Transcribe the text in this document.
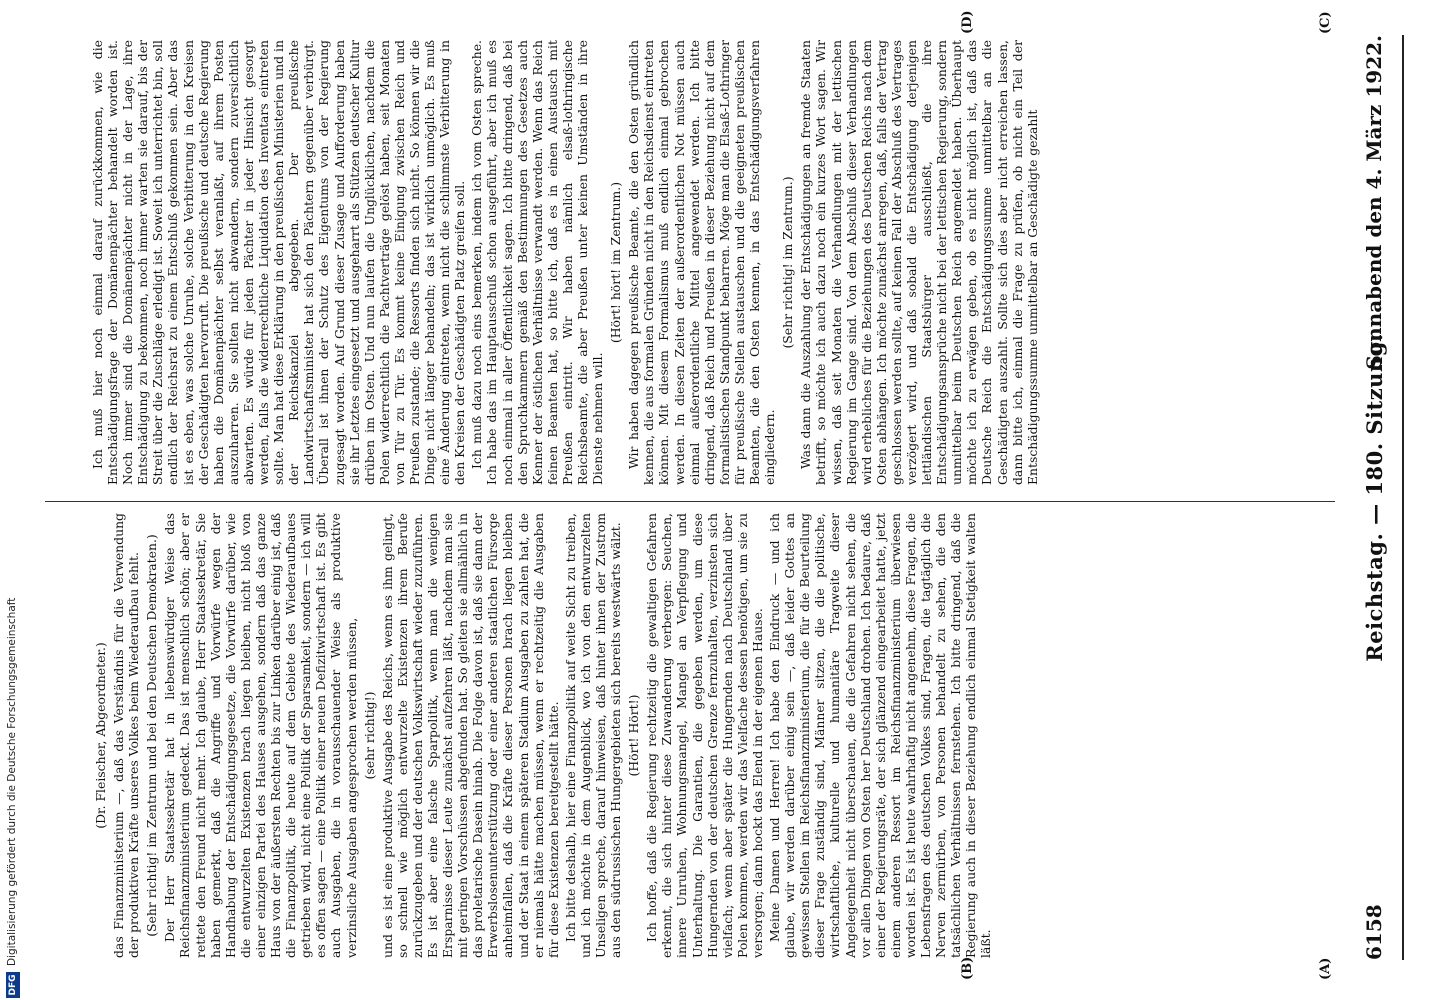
DFG
Digitalisierung gefördert durch die Deutsche Forschungsgemeinschaft	6158
Reichstag. — 180. Sitzung.
Sonnabend den 4. März 1922.
(A)
(B)
(C)
(D)

(Dr. Fleischer, Abgeordneter.) das Finanzministerium —, daß das Verständnis für die Verwendung der produktiven Kräfte unseres Volkes beim Wiederaufbau fehlt. (Sehr richtig! im Zentrum und bei den Deutschen Demokraten.) Der Herr Staatssekretär hat in liebenswürdiger Weise das Reichsfinanzministerium gedeckt. Das ist menschlich schön; aber er rettete den Freund nicht mehr. Ich glaube, Herr Staatssekretär, Sie haben gemerkt, daß die Angriffe und Vorwürfe wegen der Handhabung der Entschädigungsgesetze, die Vorwürfe darüber, wie die entwurzelten Existenzen brach liegen bleiben, nicht bloß von einer einzigen Partei des Hauses ausgehen, sondern daß das ganze Haus von der äußersten Rechten bis zur Linken darüber einig ist, daß die Finanzpolitik, die heute auf dem Gebiete des Wiederaufbaues getrieben wird, nicht eine Politik der Sparsamkeit, sondern — ich will es offen sagen — eine Politik einer neuen Defizitwirtschaft ist. Es gibt auch Ausgaben, die in vorausschauender Weise als produktive verzinsliche Ausgaben angesprochen werden müssen, (sehr richtig!) und es ist eine produktive Ausgabe des Reichs, wenn es ihm gelingt, so schnell wie möglich entwurzelte Existenzen ihrem Berufe zurückzugeben und der deutschen Volkswirtschaft wieder zuzuführen. Es ist aber eine falsche Sparpolitik, wenn man die wenigen Ersparnisse dieser Leute zunächst aufzehren läßt, nachdem man sie mit geringen Vorschüssen abgefunden hat. So gleiten sie allmählich in das proletarische Dasein hinab. Die Folge davon ist, daß sie dann der Erwerbslosenunterstützung oder einer anderen staatlichen Fürsorge anheimfallen, daß die Kräfte dieser Personen brach liegen bleiben und der Staat in einem späteren Stadium Ausgaben zu zahlen hat, die er niemals hätte machen müssen, wenn er rechtzeitig die Ausgaben für diese Existenzen bereitgestellt hätte. Ich bitte deshalb, hier eine Finanzpolitik auf weite Sicht zu treiben, und ich möchte in dem Augenblick, wo ich von den entwurzelten Unseligen spreche, darauf hinweisen, daß hinter ihnen der Zustrom aus den südrussischen Hungergebieten sich bereits westwärts wälzt. (Hört! Hört!) Ich hoffe, daß die Regierung rechtzeitig die gewaltigen Gefahren erkennt, die sich hinter diese Zuwanderung verbergen: Seuchen, innere Unruhen, Wohnungsmangel, Mangel an Verpflegung und Unterhaltung. Die Garantien, die gegeben werden, um diese Hungernden von der deutschen Grenze fernzuhalten, verzinsten sich vielfach; wenn aber später die Hungernden nach Deutschland über Polen kommen, werden wir das Vielfache dessen benötigen, um sie zu versorgen; dann hockt das Elend in der eigenen Hause. Meine Damen und Herren! Ich habe den Eindruck — und ich glaube, wir werden darüber einig sein —, daß leider Gottes an gewissen Stellen im Reichsfinanzministerium, die für die Beurteilung dieser Frage zuständig sind, Männer sitzen, die die politische, wirtschaftliche, kulturelle und humanitäre Tragweite dieser Angelegenheit nicht überschauen, die die Gefahren nicht sehen, die vor allen Dingen von Osten her Deutschland drohen. Ich bedaure, daß einer der Regierungsräte, der sich glänzend eingearbeitet hatte, jetzt einem anderen Ressort im Reichsfinanzministerium überwiesen worden ist. Es ist heute wahrhaftig nicht angenehm, diese Fragen, die Lebensfragen des deutschen Volkes sind, Fragen, die tagtäglich die Nerven zermürben, von Personen behandelt zu sehen, die den tatsächlichen Verhältnissen fernstehen. Ich bitte dringend, daß die Regierung auch in dieser Beziehung endlich einmal Stetigkeit walten läßt.

Ich muß hier noch einmal darauf zurückkommen, wie die Entschädigungsfrage der Domänenpächter behandelt worden ist. Noch immer sind die Domänenpächter nicht in der Lage, ihre Entschädigung zu bekommen, noch immer warten sie darauf, bis der Streit über die Zuschläge erledigt ist. Soweit ich unterrichtet bin, soll endlich der Reichsrat zu einem Entschluß gekommen sein. Aber das ist es eben, was solche Unruhe, solche Verbitterung in den Kreisen der Geschädigten hervorruft. Die preußische und deutsche Regierung haben die Domänenpächter selbst veranlaßt, auf ihrem Posten auszuharren. Sie sollten nicht abwandern, sondern zuversichtlich abwarten. Es würde für jeden Pächter in jeder Hinsicht gesorgt werden, falls die widerrechtliche Liquidation des Inventars eintreten sollte. Man hat diese Erklärung in den preußischen Ministerien und in der Reichskanzlei abgegeben. Der preußische Landwirtschaftsminister hat sich den Pächtern gegenüber verbürgt. Überall ist ihnen der Schutz des Eigentums von der Regierung zugesagt worden. Auf Grund dieser Zusage und Aufforderung haben sie ihr Letztes eingesetzt und ausgeharrt als Stützen deutscher Kultur drüben im Osten. Und nun laufen die Unglücklichen, nachdem die Polen widerrechtlich die Pachtverträge gelöst haben, seit Monaten von Tür zu Tür. Es kommt keine Einigung zwischen Reich und Preußen zustande; die Ressorts finden sich nicht. So können wir die Dinge nicht länger behandeln; das ist wirklich unmöglich. Es muß eine Änderung eintreten, wenn nicht die schlimmste Verbitterung in den Kreisen der Geschädigten Platz greifen soll. Ich muß dazu noch eins bemerken, indem ich vom Osten spreche. Ich habe das im Hauptausschuß schon ausgeführt, aber ich muß es noch einmal in aller Öffentlichkeit sagen. Ich bitte dringend, daß bei den Spruchkammern gemäß den Bestimmungen des Gesetzes auch Kenner der östlichen Verhältnisse verwandt werden. Wenn das Reich feinen Beamten hat, so bitte ich, daß es in einen Austausch mit Preußen eintritt. Wir haben nämlich elsaß-lothringische Reichsbeamte, die aber Preußen unter keinen Umständen in ihre Dienste nehmen will.

(Hört! hört! im Zentrum.) Wir haben dagegen preußische Beamte, die den Osten gründlich kennen, die aus formalen Gründen nicht in den Reichsdienst eintreten können. Mit diesem Formalismus muß endlich einmal gebrochen werden. In diesen Zeiten der außerordentlichen Not müssen auch einmal außerordentliche Mittel angewendet werden. Ich bitte dringend, daß Reich und Preußen in dieser Beziehung nicht auf dem formalistischen Standpunkt beharren. Möge man die Elsaß-Lothringer für preußische Stellen austauschen und die geeigneten preußischen Beamten, die den Osten kennen, in das Entschädigungsverfahren eingliedern.

(Sehr richtig! im Zentrum.) Was dann die Auszahlung der Entschädigungen an fremde Staaten betrifft, so möchte ich auch dazu noch ein kurzes Wort sagen. Wir wissen, daß seit Monaten die Verhandlungen mit der lettischen Regierung im Gange sind. Von dem Abschluß dieser Verhandlungen wird erhebliches für die Beziehungen des Deutschen Reichs nach dem Osten abhängen. Ich möchte zunächst anregen, daß, falls der Vertrag geschlossen werden sollte, auf keinen Fall der Abschluß des Vertrages verzögert wird, und daß sobald die Entschädigung derjenigen lettländischen Staatsbürger ausschließt, die ihre Entschädigungsansprüche nicht bei der lettischen Regierung, sondern unmittelbar beim Deutschen Reich angemeldet haben. Überhaupt möchte ich zu erwägen geben, ob es nicht möglich ist, daß das Deutsche Reich die Entschädigungssumme unmittelbar an die Geschädigten auszahlt. Sollte sich dies aber nicht erreichen lassen, dann bitte ich, einmal die Frage zu prüfen, ob nicht ein Teil der Entschädigungssumme unmittelbar an Geschädigte gezahlt
